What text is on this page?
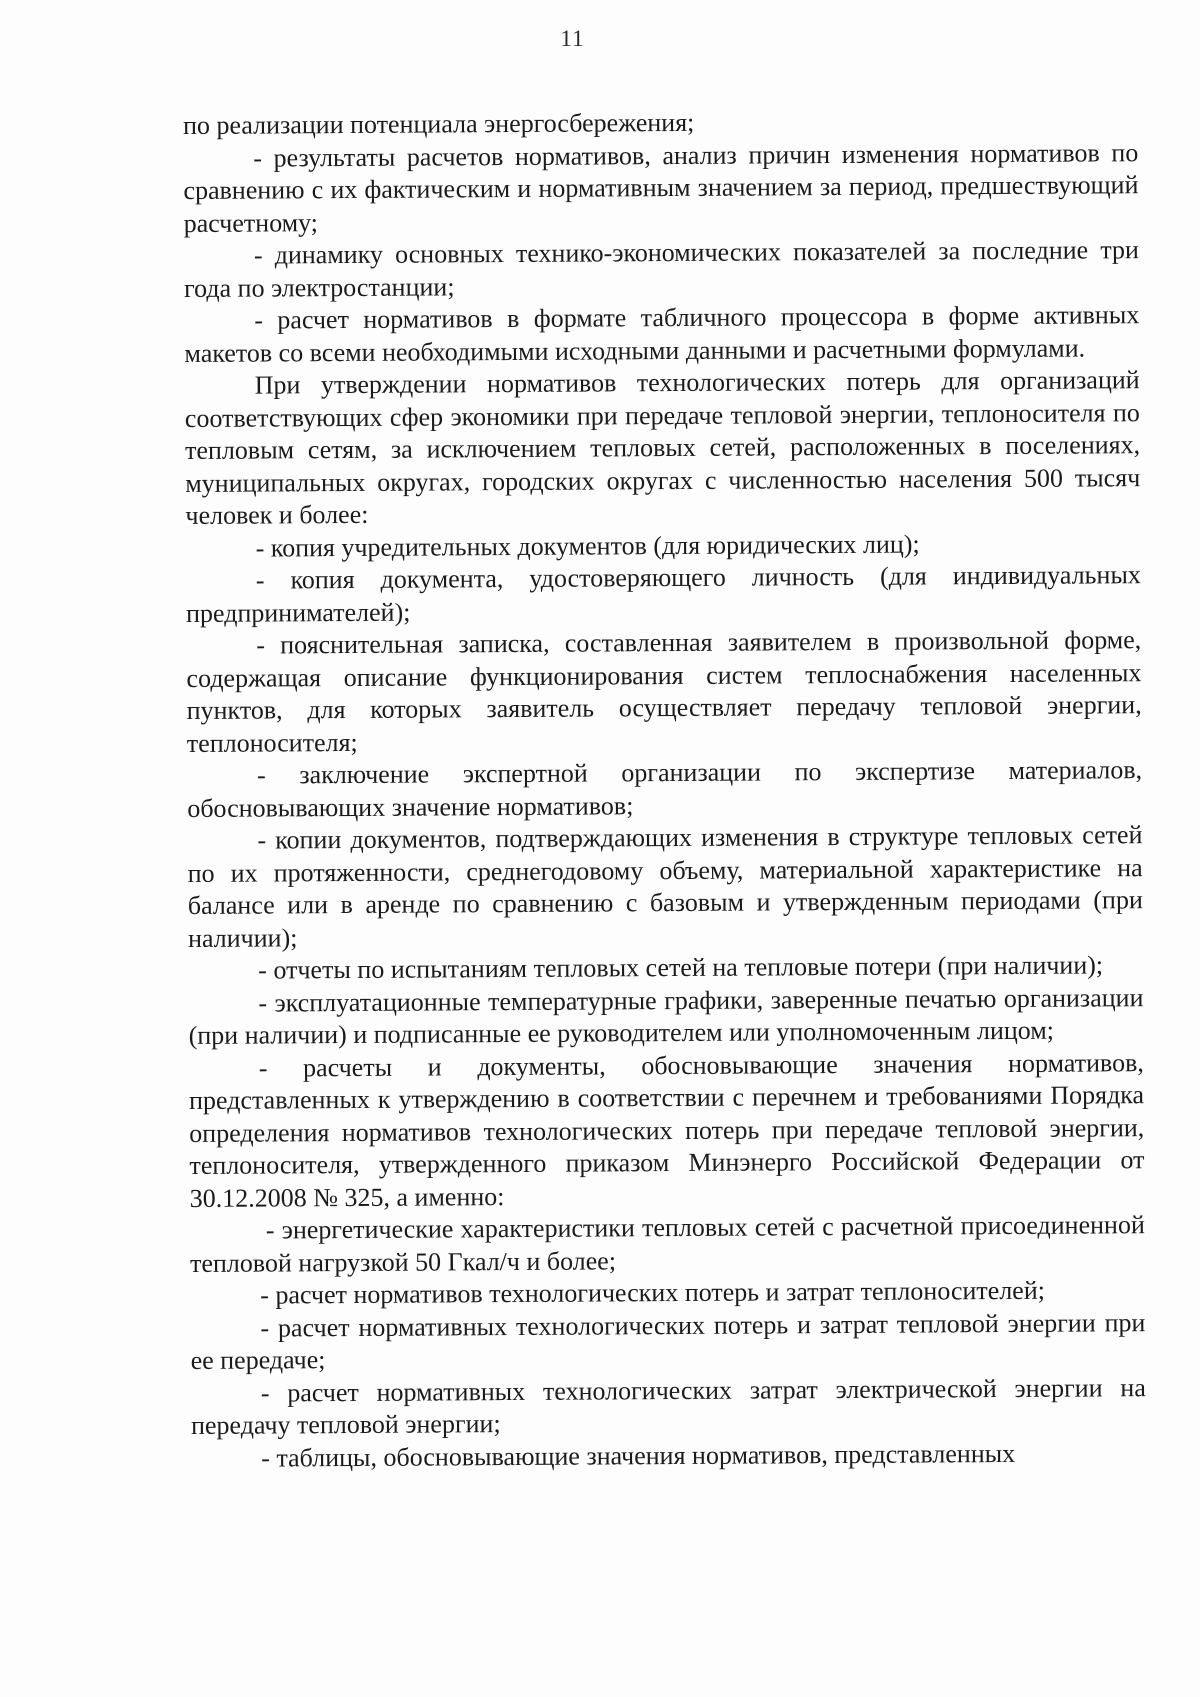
11

по реализации потенциала энергосбережения;

- результаты расчетов нормативов, анализ причин изменения нормативов по сравнению с их фактическим и нормативным значением за период, предшествующий расчетному;

- динамику основных технико-экономических показателей за последние три года по электростанции;

- расчет нормативов в формате табличного процессора в форме активных макетов со всеми необходимыми исходными данными и расчетными формулами.

При утверждении нормативов технологических потерь для организаций соответствующих сфер экономики при передаче тепловой энергии, теплоносителя по тепловым сетям, за исключением тепловых сетей, расположенных в поселениях, муниципальных округах, городских округах с численностью населения 500 тысяч человек и более:

- копия учредительных документов (для юридических лиц);

- копия документа, удостоверяющего личность (для индивидуальных предпринимателей);

- пояснительная записка, составленная заявителем в произвольной форме, содержащая описание функционирования систем теплоснабжения населенных пунктов, для которых заявитель осуществляет передачу тепловой энергии, теплоносителя;

- заключение экспертной организации по экспертизе материалов, обосновывающих значение нормативов;

- копии документов, подтверждающих изменения в структуре тепловых сетей по их протяженности, среднегодовому объему, материальной характеристике на балансе или в аренде по сравнению с базовым и утвержденным периодами (при наличии);

- отчеты по испытаниям тепловых сетей на тепловые потери (при наличии);

- эксплуатационные температурные графики, заверенные печатью организации (при наличии) и подписанные ее руководителем или уполномоченным лицом;

- расчеты и документы, обосновывающие значения нормативов, представленных к утверждению в соответствии с перечнем и требованиями Порядка определения нормативов технологических потерь при передаче тепловой энергии, теплоносителя, утвержденного приказом Минэнерго Российской Федерации от 30.12.2008 № 325, а именно:

- энергетические характеристики тепловых сетей с расчетной присоединенной тепловой нагрузкой 50 Гкал/ч и более;

- расчет нормативов технологических потерь и затрат теплоносителей;

- расчет нормативных технологических потерь и затрат тепловой энергии при ее передаче;

- расчет нормативных технологических затрат электрической энергии на передачу тепловой энергии;

- таблицы, обосновывающие значения нормативов, представленных
